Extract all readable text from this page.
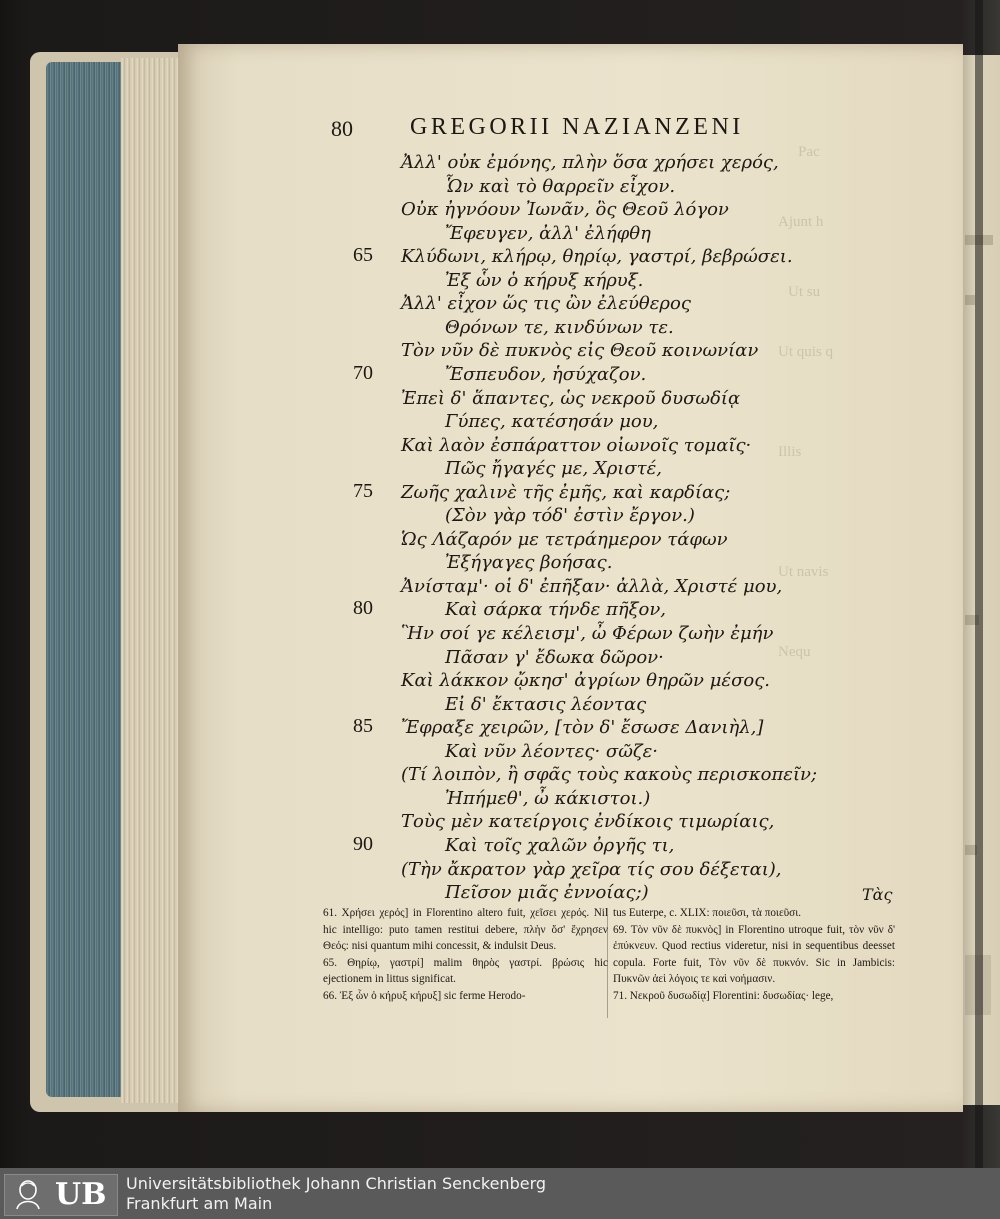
Pac
Ajunt h
Ut su
Ut quis q
Illis
Ut navis
Nequ
80 GREGORII NAZIANZENI
Ἀλλ' οὐκ ἐμόνης, πλὴν ὅσα χρήσει χερός,
Ὧν καὶ τὸ θαρρεῖν εἶχον.
Οὐκ ἠγνόουν Ἰωνᾶν, ὃς Θεοῦ λόγον
Ἔφευγεν, ἀλλ' ἐλήφθη
Κλύδωνι, κλήρῳ, θηρίῳ, γαστρί, βεβρώσει.
65
Ἐξ ὧν ὁ κήρυξ κήρυξ.
Ἀλλ' εἶχον ὥς τις ὢν ἐλεύθερος
Θρόνων τε, κινδύνων τε.
Τὸν νῦν δὲ πυκνὸς εἰς Θεοῦ κοινωνίαν
Ἔσπευδον, ἡσύχαζον.
70
Ἐπεὶ δ' ἅπαντες, ὡς νεκροῦ δυσωδίᾳ
Γύπες, κατέσησάν μου,
Καὶ λαὸν ἐσπάραττον οἰωνοῖς τομαῖς·
Πῶς ἤγαγές με, Χριστέ,
Ζωῆς χαλινὲ τῆς ἐμῆς, καὶ καρδίας;
75
(Σὸν γὰρ τόδ' ἐστὶν ἔργον.)
Ὡς Λάζαρόν με τετράημερον τάφων
Ἐξήγαγες βοήσας.
Ἀνίσταμ'· οἱ δ' ἐπῆξαν· ἀλλὰ, Χριστέ μου,
Καὶ σάρκα τήνδε πῆξον,
80
Ἣν σοί γε κέλεισμ', ὦ Φέρων ζωὴν ἐμήν
Πᾶσαν γ' ἔδωκα δῶρον·
Καὶ λάκκον ᾤκησ' ἀγρίων θηρῶν μέσος.
Εἰ δ' ἔκτασις λέοντας
Ἔφραξε χειρῶν, [τὸν δ' ἔσωσε Δανιὴλ,]
85
Καὶ νῦν λέοντες· σῶζε·
(Τί λοιπὸν, ἢ σφᾶς τοὺς κακοὺς περισκοπεῖν;
Ἠπήμεθ', ὦ κάκιστοι.)
Τοὺς μὲν κατείργοις ἐνδίκοις τιμωρίαις,
Καὶ τοῖς χαλῶν ὀργῆς τι,
90
(Τὴν ἄκρατον γὰρ χεῖρα τίς σου δέξεται),
Πεῖσον μιᾶς ἐννοίας;)	Τὰς

61. Χρήσει χερός] in Florentino altero fuit, χεῖσει χερός. Nil hic intelligo: puto tamen restitui debere, πλὴν ὅσ' ἔχρησεν Θεός: nisi quantum mihi concessit, & indulsit Deus.

65. Θηρίῳ, γαστρί] malim θηρὸς γαστρί. βρώσις hic ejectionem in littus significat.

66. Ἐξ ὧν ὁ κήρυξ κήρυξ] sic ferme Herodo-

tus Euterpe, c. XLIX: ποιεῦσι, τὰ ποιεῦσι.

69. Τὸν νῦν δὲ πυκνὸς] in Florentino utroque fuit, τὸν νῦν δ' ἐπύκνευν. Quod rectius videretur, nisi in sequentibus deesset copula. Forte fuit, Τὸν νῦν δὲ πυκνόν. Sic in Jambicis: Πυκνῶν ἀεὶ λόγοις τε καὶ νοήμασιν.

71. Νεκροῦ δυσωδίᾳ] Florentini: δυσωδίας· lege,

UB Universitätsbibliothek Johann Christian Senckenberg
Frankfurt am Main
